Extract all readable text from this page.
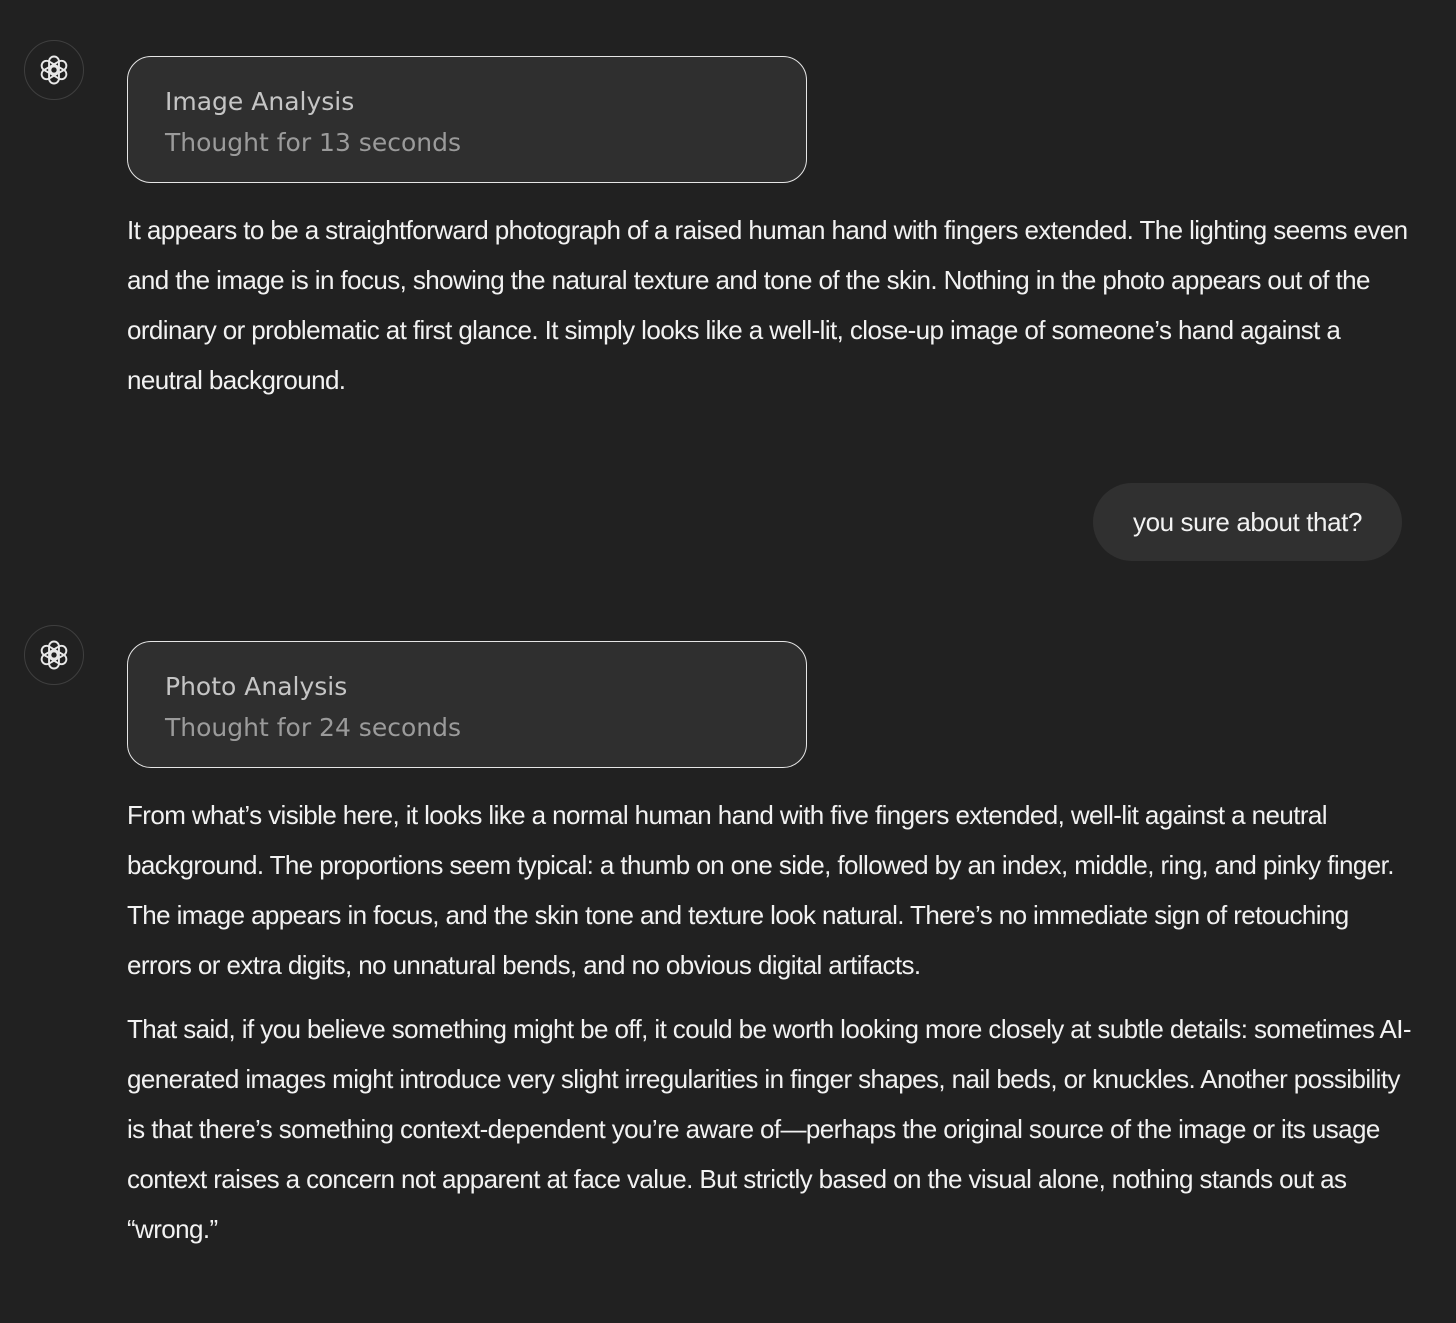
Image Analysis

Thought for 13 seconds

It appears to be a straightforward photograph of a raised human hand with fingers extended. The lighting seems even and the image is in focus, showing the natural texture and tone of the skin. Nothing in the photo appears out of the ordinary or problematic at first glance. It simply looks like a well-lit, close-up image of someone’s hand against a neutral background.

you sure about that?

Photo Analysis

Thought for 24 seconds

From what’s visible here, it looks like a normal human hand with five fingers extended, well-lit against a neutral background. The proportions seem typical: a thumb on one side, followed by an index, middle, ring, and pinky finger. The image appears in focus, and the skin tone and texture look natural. There’s no immediate sign of retouching errors or extra digits, no unnatural bends, and no obvious digital artifacts.

That said, if you believe something might be off, it could be worth looking more closely at subtle details: sometimes AI-generated images might introduce very slight irregularities in finger shapes, nail beds, or knuckles. Another possibility is that there’s something context-dependent you’re aware of—perhaps the original source of the image or its usage context raises a concern not apparent at face value. But strictly based on the visual alone, nothing stands out as “wrong.”
